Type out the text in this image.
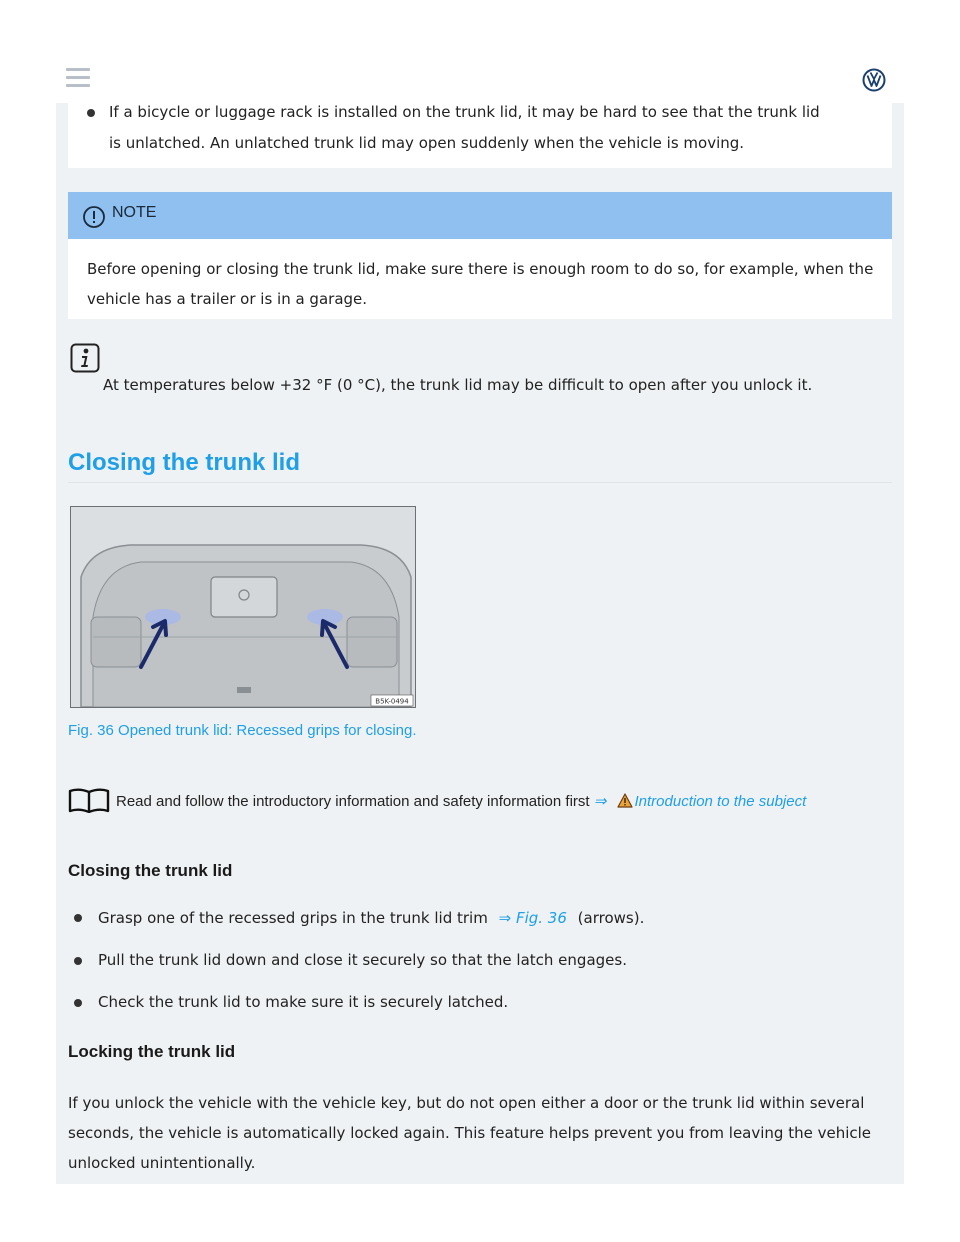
If a bicycle or luggage rack is installed on the trunk lid, it may be hard to see that the trunk lid
is unlatched. An unlatched trunk lid may open suddenly when the vehicle is moving.
NOTE
Before opening or closing the trunk lid, make sure there is enough room to do so, for example, when the vehicle has a trailer or is in a garage.
At temperatures below +32 °F (0 °C), the trunk lid may be difficult to open after you unlock it.
Closing the trunk lid
B5K-0494
Fig. 36 Opened trunk lid: Recessed grips for closing.
Read and follow the introductory information and safety information first ⇒ Introduction to the subject
Closing the trunk lid
Grasp one of the recessed grips in the trunk lid trim ⇒ Fig. 36 (arrows).
Pull the trunk lid down and close it securely so that the latch engages.
Check the trunk lid to make sure it is securely latched.
Locking the trunk lid
If you unlock the vehicle with the vehicle key, but do not open either a door or the trunk lid within several seconds, the vehicle is automatically locked again. This feature helps prevent you from leaving the vehicle unlocked unintentionally.
